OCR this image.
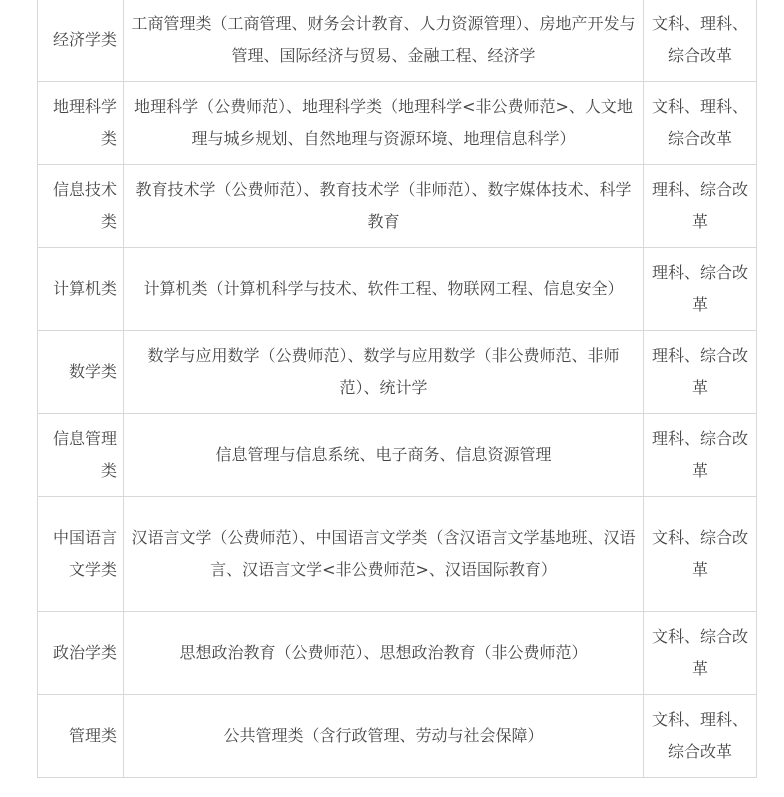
经济学类	工商管理类（工商管理、财务会计教育、人力资源管理）、房地产开发与管理、国际经济与贸易、金融工程、经济学	文科、理科、综合改革
地理科学类	地理科学（公费师范）、地理科学类（地理科学<非公费师范>、人文地理与城乡规划、自然地理与资源环境、地理信息科学）	文科、理科、综合改革
信息技术类	教育技术学（公费师范）、教育技术学（非师范）、数字媒体技术、科学教育	理科、综合改革
计算机类	计算机类（计算机科学与技术、软件工程、物联网工程、信息安全）	理科、综合改革
数学类	数学与应用数学（公费师范）、数学与应用数学（非公费师范、非师范）、统计学	理科、综合改革
信息管理类	信息管理与信息系统、电子商务、信息资源管理	理科、综合改革
中国语言文学类	汉语言文学（公费师范）、中国语言文学类（含汉语言文学基地班、汉语言、汉语言文学<非公费师范>、汉语国际教育）	文科、综合改革
政治学类	思想政治教育（公费师范）、思想政治教育（非公费师范）	文科、综合改革
管理类	公共管理类（含行政管理、劳动与社会保障）	文科、理科、综合改革
